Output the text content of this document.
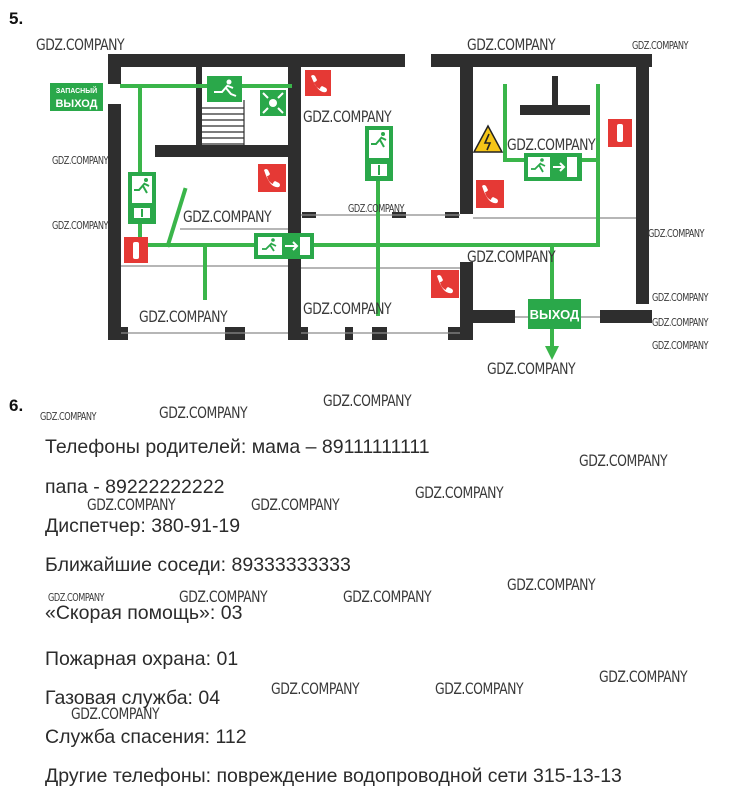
5.
6.
ЗАПАСНЫЙ
ВЫХОД
ВЫХОД
GDZ.COMPANY	GDZ.COMPANY	GDZ.COMPANY
GDZ.COMPANY
GDZ.COMPANY
GDZ.COMPANY
GDZ.COMPANY
GDZ.COMPANY
GDZ.COMPANY
GDZ.COMPANY
GDZ.COMPANY
GDZ.COMPANY
GDZ.COMPANY
GDZ.COMPANY	GDZ.COMPANY
GDZ.COMPANY
GDZ.COMPANY
GDZ.COMPANY
GDZ.COMPANY	GDZ.COMPANY
GDZ.COMPANY
GDZ.COMPANY
GDZ.COMPANY	GDZ.COMPANY
GDZ.COMPANY
GDZ.COMPANY	GDZ.COMPANY	GDZ.COMPANY
GDZ.COMPANY
GDZ.COMPANY	GDZ.COMPANY
GDZ.COMPANY
Телефоны родителей: мама – 89111111111
папа - 89222222222
Диспетчер: 380-91-19
Ближайшие соседи: 89333333333
«Скорая помощь»: 03
Пожарная охрана: 01
Газовая служба: 04
Служба спасения: 112
Другие телефоны: повреждение водопроводной сети 315-13-13
